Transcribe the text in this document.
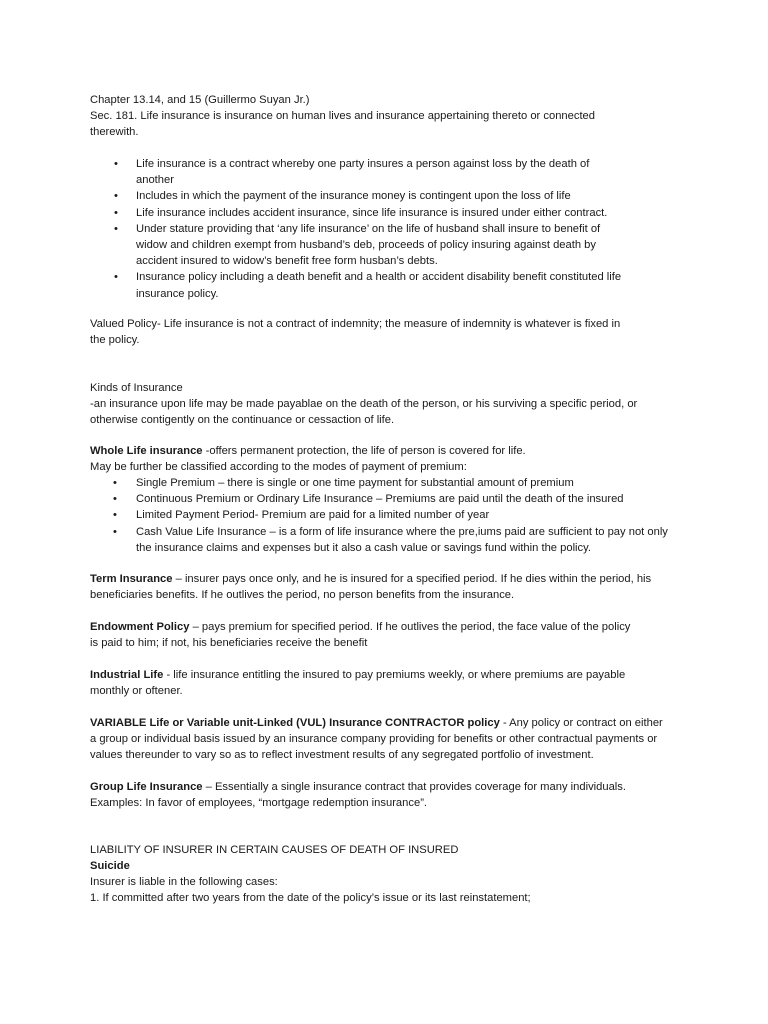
Chapter 13.14, and 15 (Guillermo Suyan Jr.)

Sec. 181. Life insurance is insurance on human lives and insurance appertaining thereto or connected therewith.

• Life insurance is a contract whereby one party insures a person against loss by the death of another
• Includes in which the payment of the insurance money is contingent upon the loss of life
• Life insurance includes accident insurance, since life insurance is insured under either contract.
• Under stature providing that ‘any life insurance’ on the life of husband shall insure to benefit of widow and children exempt from husband’s deb, proceeds of policy insuring against death by accident insured to widow’s benefit free form husban’s debts.
• Insurance policy including a death benefit and a health or accident disability benefit constituted life insurance policy.

Valued Policy- Life insurance is not a contract of indemnity; the measure of indemnity is whatever is fixed in the policy.

Kinds of Insurance

-an insurance upon life may be made payablae on the death of the person, or his surviving a specific period, or otherwise contigently on the continuance or cessaction of life.

Whole Life insurance -offers permanent protection, the life of person is covered for life.

May be further be classified according to the modes of payment of premium:

• Single Premium – there is single or one time payment for substantial amount of premium
• Continuous Premium or Ordinary Life Insurance – Premiums are paid until the death of the insured
• Limited Payment Period- Premium are paid for a limited number of year
• Cash Value Life Insurance – is a form of life insurance where the pre,iums paid are sufficient to pay not only the insurance claims and expenses but it also a cash value or savings fund within the policy.

Term Insurance – insurer pays once only, and he is insured for a specified period. If he dies within the period, his beneficiaries benefits. If he outlives the period, no person benefits from the insurance.

Endowment Policy – pays premium for specified period. If he outlives the period, the face value of the policy is paid to him; if not, his beneficiaries receive the benefit

Industrial Life - life insurance entitling the insured to pay premiums weekly, or where premiums are payable monthly or oftener.

VARIABLE Life or Variable unit-Linked (VUL) Insurance CONTRACTOR policy - Any policy or contract on either a group or individual basis issued by an insurance company providing for benefits or other contractual payments or values thereunder to vary so as to reflect investment results of any segregated portfolio of investment.

Group Life Insurance – Essentially a single insurance contract that provides coverage for many individuals. Examples: In favor of employees, “mortgage redemption insurance”.

LIABILITY OF INSURER IN CERTAIN CAUSES OF DEATH OF INSURED

Suicide

Insurer is liable in the following cases:

1. If committed after two years from the date of the policy’s issue or its last reinstatement;
